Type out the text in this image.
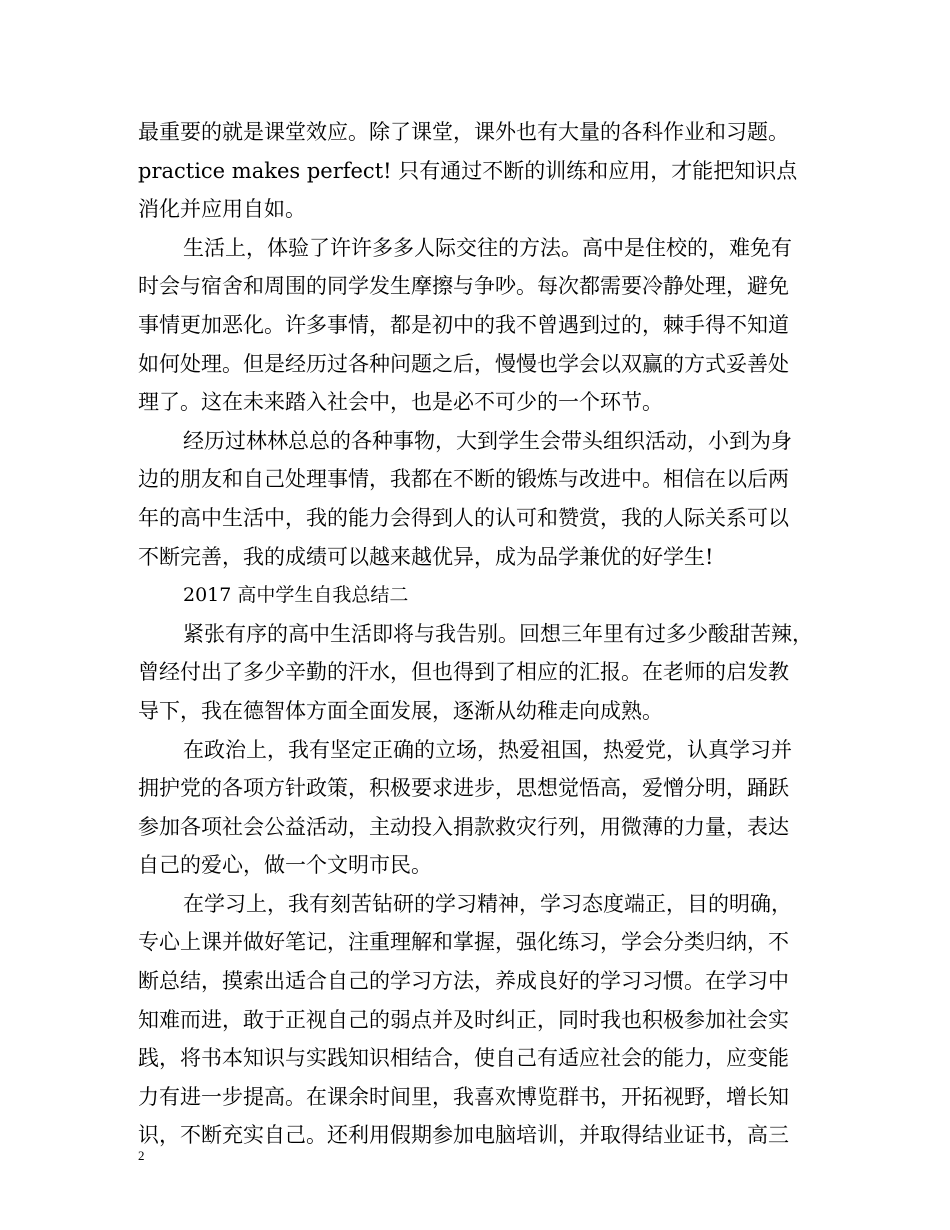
最重要的就是课堂效应。除了课堂，课外也有大量的各科作业和习题。
practice makes perfect! 只有通过不断的训练和应用，才能把知识点
消化并应用自如。
生活上，体验了许许多多人际交往的方法。高中是住校的，难免有
时会与宿舍和周围的同学发生摩擦与争吵。每次都需要冷静处理，避免
事情更加恶化。许多事情，都是初中的我不曾遇到过的，棘手得不知道
如何处理。但是经历过各种问题之后，慢慢也学会以双赢的方式妥善处
理了。这在未来踏入社会中，也是必不可少的一个环节。
经历过林林总总的各种事物，大到学生会带头组织活动，小到为身
边的朋友和自己处理事情，我都在不断的锻炼与改进中。相信在以后两
年的高中生活中，我的能力会得到人的认可和赞赏，我的人际关系可以
不断完善，我的成绩可以越来越优异，成为品学兼优的好学生!
2017 高中学生自我总结二
紧张有序的高中生活即将与我告别。回想三年里有过多少酸甜苦辣，
曾经付出了多少辛勤的汗水，但也得到了相应的汇报。在老师的启发教
导下，我在德智体方面全面发展，逐渐从幼稚走向成熟。
在政治上，我有坚定正确的立场，热爱祖国，热爱党，认真学习并
拥护党的各项方针政策，积极要求进步，思想觉悟高，爱憎分明，踊跃
参加各项社会公益活动，主动投入捐款救灾行列，用微薄的力量，表达
自己的爱心，做一个文明市民。
在学习上，我有刻苦钻研的学习精神，学习态度端正，目的明确，
专心上课并做好笔记，注重理解和掌握，强化练习，学会分类归纳，不
断总结，摸索出适合自己的学习方法，养成良好的学习习惯。在学习中
知难而进，敢于正视自己的弱点并及时纠正，同时我也积极参加社会实
践，将书本知识与实践知识相结合，使自己有适应社会的能力，应变能
力有进一步提高。在课余时间里，我喜欢博览群书，开拓视野，增长知
识，不断充实自己。还利用假期参加电脑培训，并取得结业证书，高三
2
